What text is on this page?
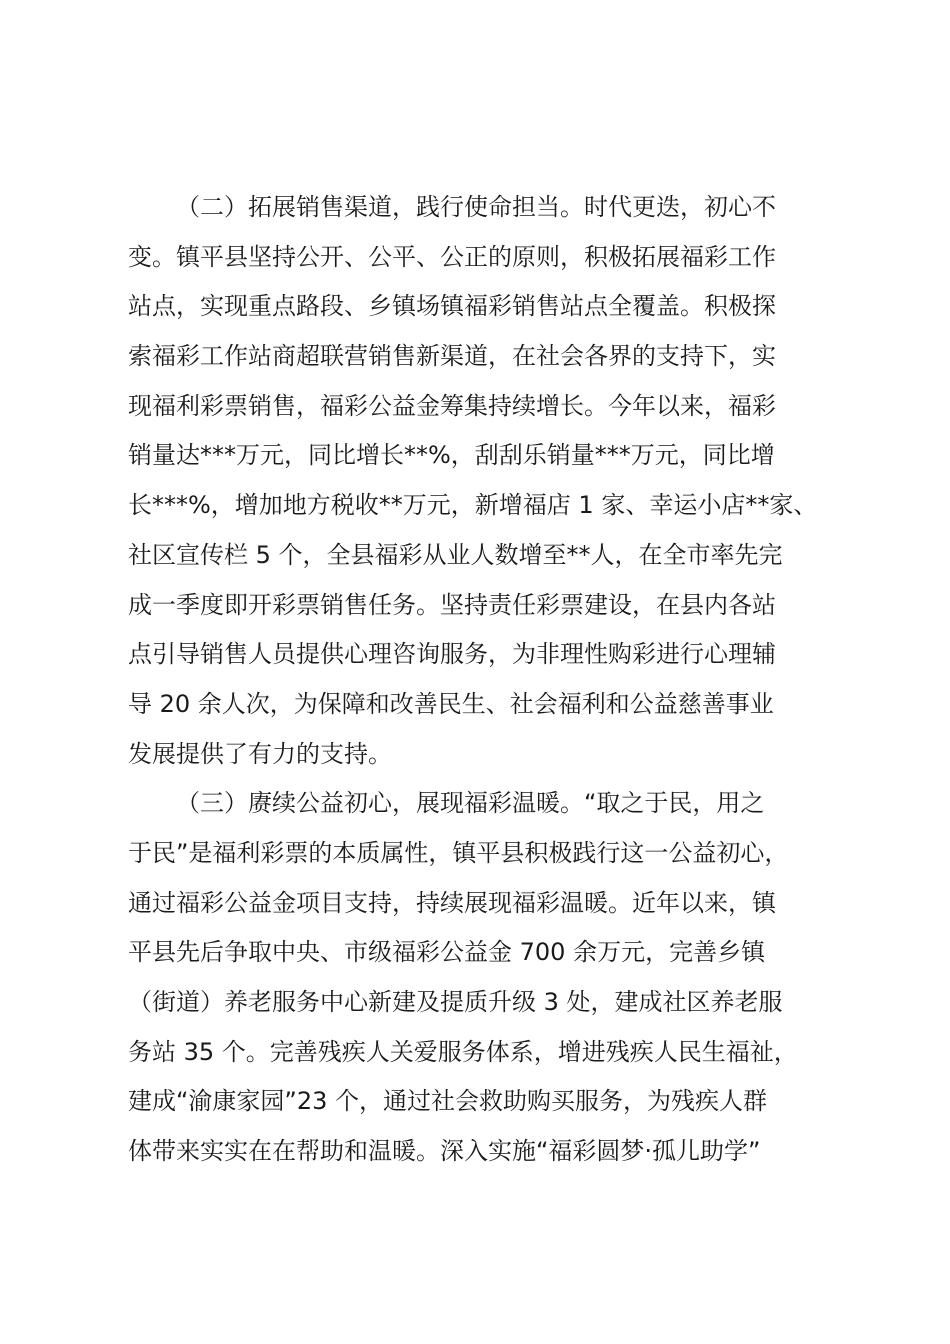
（二）拓展销售渠道，践行使命担当。时代更迭，初心不
变。镇平县坚持公开、公平、公正的原则，积极拓展福彩工作
站点，实现重点路段、乡镇场镇福彩销售站点全覆盖。积极探
索福彩工作站商超联营销售新渠道，在社会各界的支持下，实
现福利彩票销售，福彩公益金筹集持续增长。今年以来，福彩
销量达***万元，同比增长**%，刮刮乐销量***万元，同比增
长***%，增加地方税收**万元，新增福店 1 家、幸运小店**家、
社区宣传栏 5 个，全县福彩从业人数增至**人，在全市率先完
成一季度即开彩票销售任务。坚持责任彩票建设，在县内各站
点引导销售人员提供心理咨询服务，为非理性购彩进行心理辅
导 20 余人次，为保障和改善民生、社会福利和公益慈善事业
发展提供了有力的支持。
（三）赓续公益初心，展现福彩温暖。“取之于民，用之
于民”是福利彩票的本质属性，镇平县积极践行这一公益初心，
通过福彩公益金项目支持，持续展现福彩温暖。近年以来，镇
平县先后争取中央、市级福彩公益金 700 余万元，完善乡镇
（街道）养老服务中心新建及提质升级 3 处，建成社区养老服
务站 35 个。完善残疾人关爱服务体系，增进残疾人民生福祉，
建成“渝康家园”23 个，通过社会救助购买服务，为残疾人群
体带来实实在在帮助和温暖。深入实施“福彩圆梦·孤儿助学”
